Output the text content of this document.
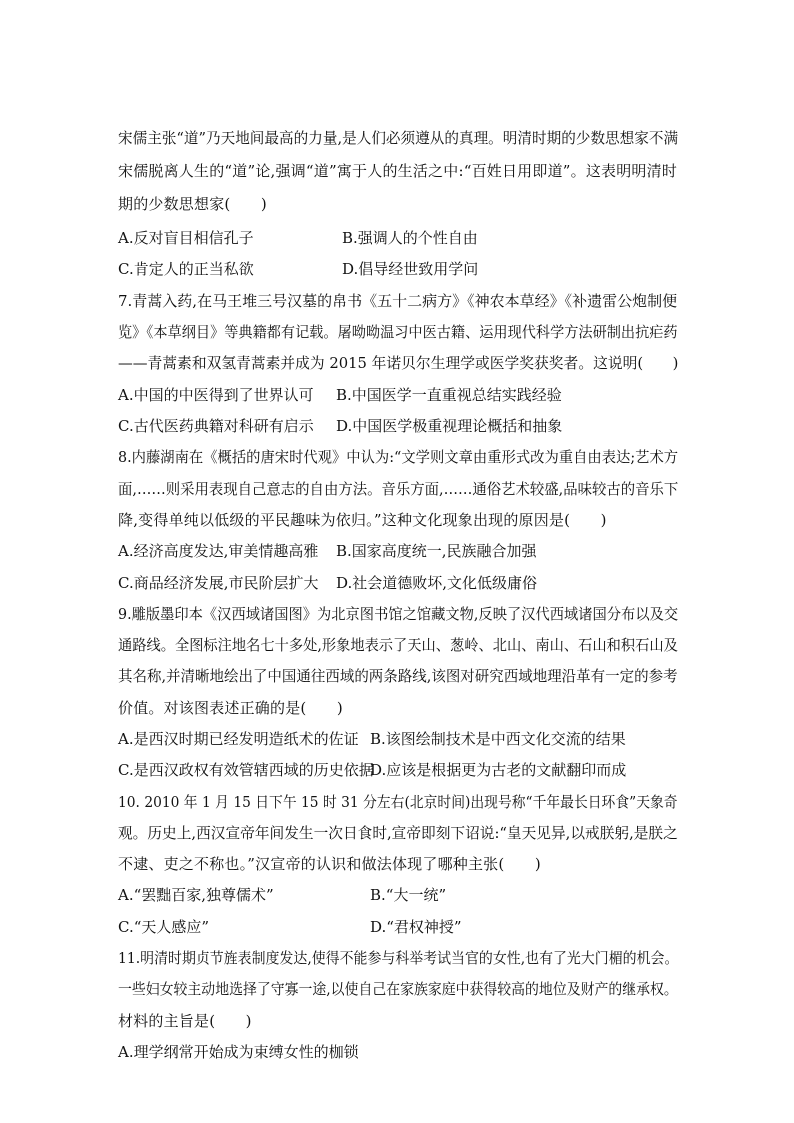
宋儒主张“道”乃天地间最高的力量,是人们必须遵从的真理。明清时期的少数思想家不满
宋儒脱离人生的“道”论,强调“道”寓于人的生活之中:“百姓日用即道”。这表明明清时
期的少数思想家(　　)
A.反对盲目相信孔子	B.强调人的个性自由
C.肯定人的正当私欲	D.倡导经世致用学问
7.青蒿入药,在马王堆三号汉墓的帛书《五十二病方》《神农本草经》《补遗雷公炮制便
览》《本草纲目》等典籍都有记载。屠呦呦温习中医古籍、运用现代科学方法研制出抗疟药
——青蒿素和双氢青蒿素并成为 2015 年诺贝尔生理学或医学奖获奖者。这说明(　　)
A.中国的中医得到了世界认可 B.中国医学一直重视总结实践经验
C.古代医药典籍对科研有启示 D.中国医学极重视理论概括和抽象
8.内藤湖南在《概括的唐宋时代观》中认为:“文学则文章由重形式改为重自由表达;艺术方
面,……则采用表现自己意志的自由方法。音乐方面,……通俗艺术较盛,品味较古的音乐下
降,变得单纯以低级的平民趣味为依归。”这种文化现象出现的原因是(　　)
A.经济高度发达,审美情趣高雅 B.国家高度统一,民族融合加强
C.商品经济发展,市民阶层扩大 D.社会道德败坏,文化低级庸俗
9.雕版墨印本《汉西域诸国图》为北京图书馆之馆藏文物,反映了汉代西域诸国分布以及交
通路线。全图标注地名七十多处,形象地表示了天山、葱岭、北山、南山、石山和积石山及
其名称,并清晰地绘出了中国通往西域的两条路线,该图对研究西域地理沿革有一定的参考
价值。对该图表述正确的是(　　)
A.是西汉时期已经发明造纸术的佐证 B.该图绘制技术是中西文化交流的结果
C.是西汉政权有效管辖西域的历史依据
D.应该是根据更为古老的文献翻印而成
10. 2010 年 1 月 15 日下午 15 时 31 分左右(北京时间)出现号称“千年最长日环食”天象奇
观。历史上,西汉宣帝年间发生一次日食时,宣帝即刻下诏说:“皇天见异,以戒朕躬,是朕之
不逮、吏之不称也。”汉宣帝的认识和做法体现了哪种主张(　　)
A.“罢黜百家,独尊儒术”	B.“大一统”
C.“天人感应”	D.“君权神授”
11.明清时期贞节旌表制度发达,使得不能参与科举考试当官的女性,也有了光大门楣的机会。
一些妇女较主动地选择了守寡一途,以使自己在家族家庭中获得较高的地位及财产的继承权。
材料的主旨是(　　)
A.理学纲常开始成为束缚女性的枷锁
